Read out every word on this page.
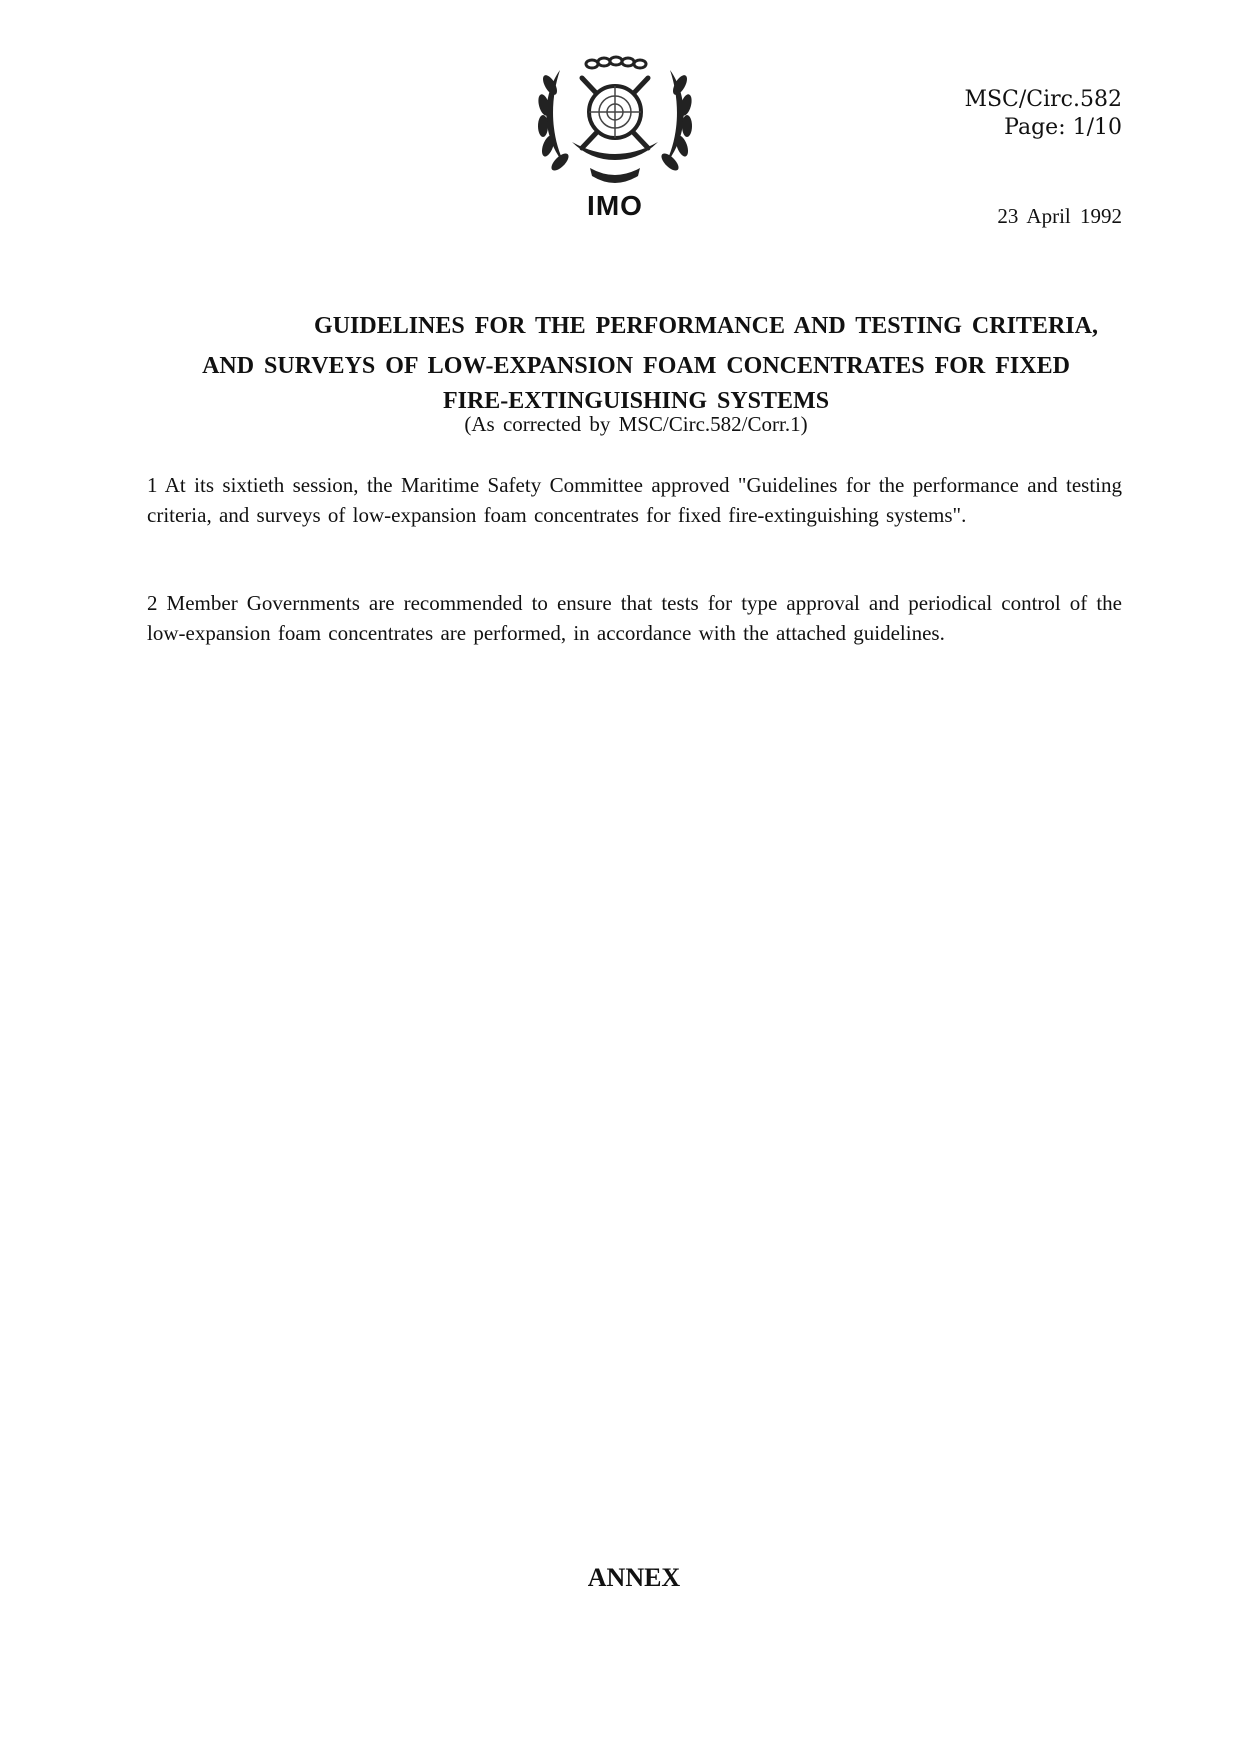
IMO
MSC/Circ.582
Page: 1/10
23 April 1992
GUIDELINES FOR THE PERFORMANCE AND TESTING CRITERIA,
AND SURVEYS OF LOW-EXPANSION FOAM CONCENTRATES FOR FIXED
FIRE-EXTINGUISHING SYSTEMS
(As corrected by MSC/Circ.582/Corr.1)
1 At its sixtieth session, the Maritime Safety Committee approved "Guidelines for the performance and testing criteria, and surveys of low-expansion foam concentrates for fixed fire-extinguishing systems".
2 Member Governments are recommended to ensure that tests for type approval and periodical control of the low-expansion foam concentrates are performed, in accordance with the attached guidelines.
ANNEX
